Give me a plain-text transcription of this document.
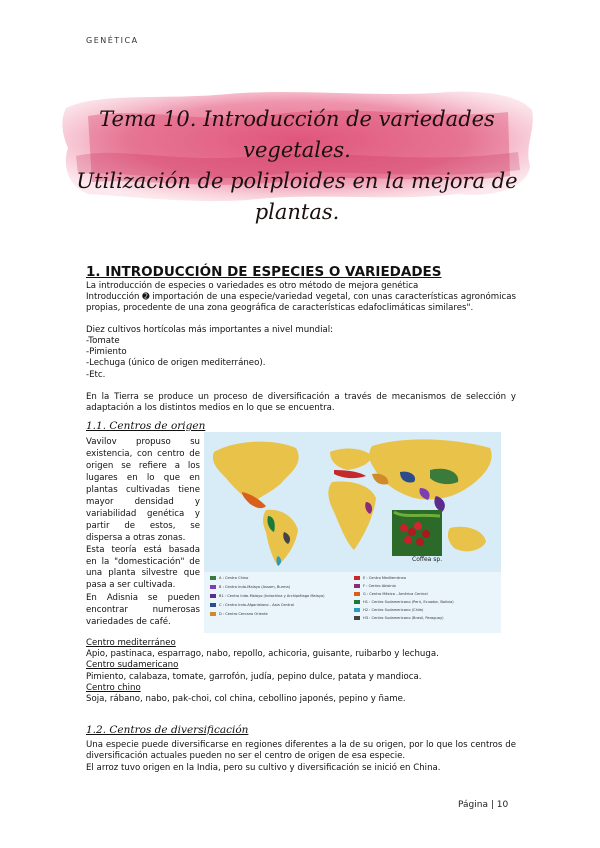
GENÉTICA
Tema 10. Introducción de variedades vegetales.
Utilización de poliploides en la mejora de plantas.
1. INTRODUCCIÓN DE ESPECIES O VARIEDADES
La introducción de especies o variedades es otro método de mejora genética
Introducción ➋ importación de una especie/variedad vegetal, con unas características agronómicas propias, procedente de una zona geográfica de características edafoclimáticas similares".
Diez cultivos hortícolas más importantes a nivel mundial:
-Tomate
-Pimiento
-Lechuga (único de origen mediterráneo).
-Etc.
En la Tierra se produce un proceso de diversificación a través de mecanismos de selección y adaptación a los distintos medios en lo que se encuentra.
1.1. Centros de origen
Vavilov propuso su existencia, con centro de origen se refiere a los lugares en lo que en plantas cultivadas tiene mayor densidad y variabilidad genética y partir de estos, se dispersa a otras zonas.
Esta teoría está basada en la "domesticación" de una planta silvestre que pasa a ser cultivada.
En Adisnia se pueden encontrar numerosas variedades de café.
Coffea sp.
A : Centro Chino
B : Centro Indo-Malayo (Assam, Burma)
B1 : Centro Indo-Malayo (Indochina y Archipiélago Malayo)
C : Centro Indo-Afganistano - Asia Central
D : Centro Cercano Oriente
E : Centro Mediterráneo
F : Centro Abisinio
G : Centro México - América Central
H1 : Centro Sudamericano (Perú, Ecuador, Bolivia)
H2 : Centro Sudamericano (Chile)
H3 : Centro Sudamericano (Brasil, Paraguay)
Centro mediterráneo
Apio, pastinaca, esparrago, nabo, repollo, achicoria, guisante, ruibarbo y lechuga.
Centro sudamericano
Pimiento, calabaza, tomate, garrofón, judía, pepino dulce, patata y mandioca.
Centro chino
Soja, rábano, nabo, pak-choi, col china, cebollino japonés, pepino y ñame.
1.2. Centros de diversificación
Una especie puede diversificarse en regiones diferentes a la de su origen, por lo que los centros de diversificación actuales pueden no ser el centro de origen de esa especie.
El arroz tuvo origen en la India, pero su cultivo y diversificación se inició en China.
Página | 10
